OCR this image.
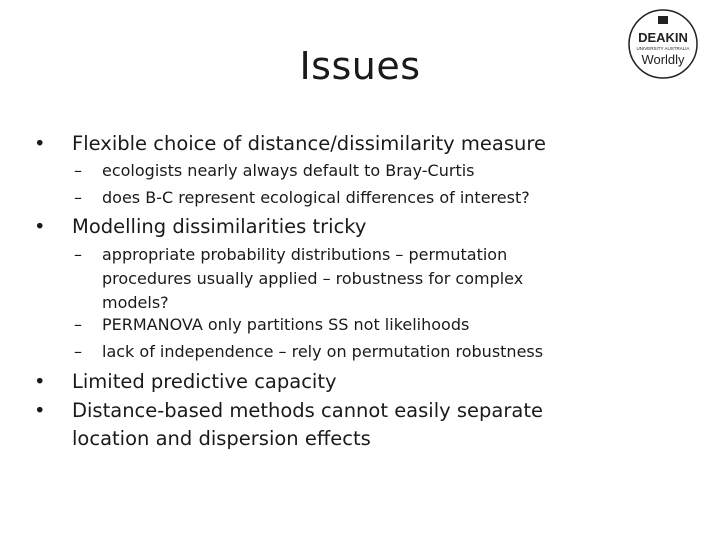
Issues
DEAKIN
UNIVERSITY AUSTRALIA
Worldly
•	Flexible choice of distance/dissimilarity measure
–	ecologists nearly always default to Bray-Curtis
–	does B-C represent ecological differences of interest?
•	Modelling dissimilarities tricky
–	appropriate probability distributions – permutation procedures usually applied – robustness for complex models?
–	PERMANOVA only partitions SS not likelihoods
–	lack of independence – rely on permutation robustness
•	Limited predictive capacity
•	Distance-based methods cannot easily separate location and dispersion effects
